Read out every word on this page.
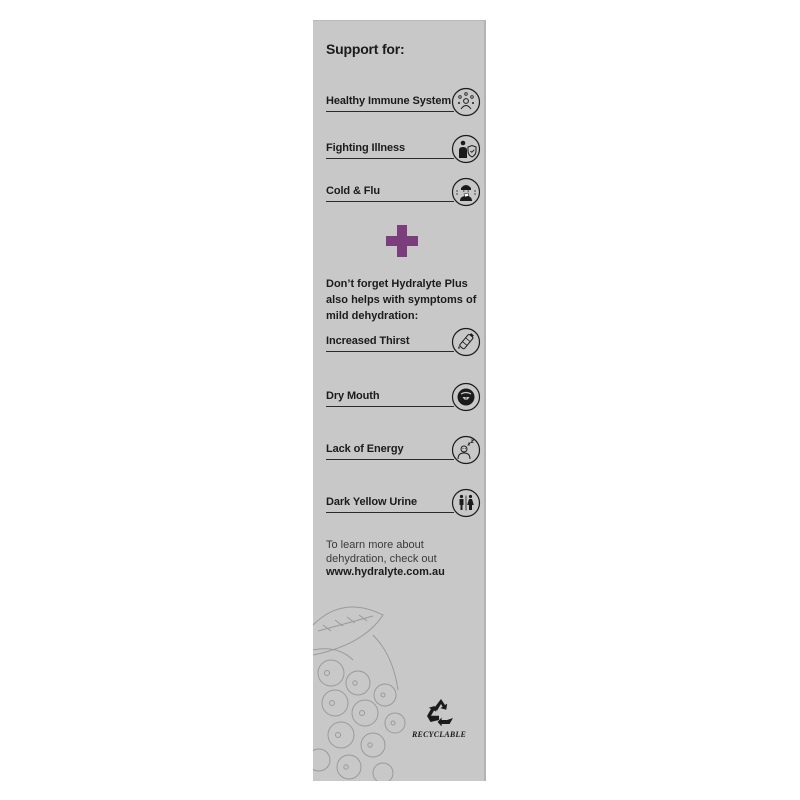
Support for:
Healthy Immune System
Fighting Illness
Cold & Flu

Don’t forget Hydralyte Plus also helps with symptoms of mild dehydration:

Increased Thirst
Dry Mouth
Lack of Energy
Dark Yellow Urine
To learn more about dehydration, check out
www.hydralyte.com.au
RECYCLABLE
